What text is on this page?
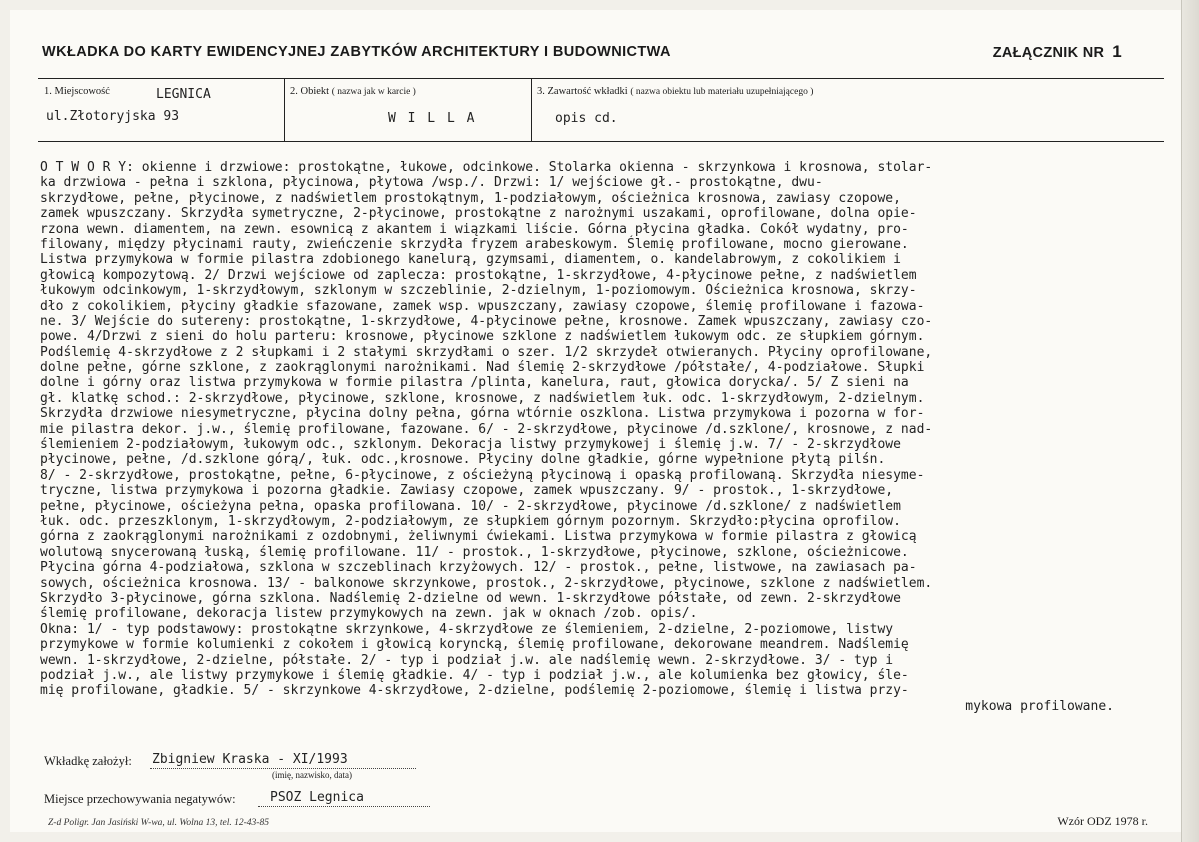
WKŁADKA DO KARTY EWIDENCYJNEJ ZABYTKÓW ARCHITEKTURY I BUDOWNICTWA	ZAŁĄCZNIK NR 1
1. Miejscowość	LEGNICA
ul.Złotoryjska 93
2. Obiekt ( nazwa jak w karcie )
W I L L A
3. Zawartość wkładki ( nazwa obiektu lub materiału uzupełniającego )
opis cd.
O T W O R Y: okienne i drzwiowe: prostokątne, łukowe, odcinkowe. Stolarka okienna - skrzynkowa i krosnowa, stolar-
ka drzwiowa - pełna i szklona, płycinowa, płytowa /wsp./. Drzwi: 1/ wejściowe gł.- prostokątne, dwu-
skrzydłowe, pełne, płycinowe, z nadświetlem prostokątnym, 1-podziałowym, ościeżnica krosnowa, zawiasy czopowe,
zamek wpuszczany. Skrzydła symetryczne, 2-płycinowe, prostokątne z narożnymi uszakami, oprofilowane, dolna opie-
rzona wewn. diamentem, na zewn. esownicą z akantem i wiązkami liście. Górna płycina gładka. Cokół wydatny, pro-
filowany, między płycinami rauty, zwieńczenie skrzydła fryzem arabeskowym. Ślemię profilowane, mocno gierowane.
Listwa przymykowa w formie pilastra zdobionego kanelurą, gzymsami, diamentem, o. kandelabrowym, z cokolikiem i
głowicą kompozytową. 2/ Drzwi wejściowe od zaplecza: prostokątne, 1-skrzydłowe, 4-płycinowe pełne, z nadświetlem
łukowym odcinkowym, 1-skrzydłowym, szklonym w szczeblinie, 2-dzielnym, 1-poziomowym. Ościeżnica krosnowa, skrzy-
dło z cokolikiem, płyciny gładkie sfazowane, zamek wsp. wpuszczany, zawiasy czopowe, ślemię profilowane i fazowa-
ne. 3/ Wejście do sutereny: prostokątne, 1-skrzydłowe, 4-płycinowe pełne, krosnowe. Zamek wpuszczany, zawiasy czo-
powe. 4/Drzwi z sieni do holu parteru: krosnowe, płycinowe szklone z nadświetlem łukowym odc. ze słupkiem górnym.
Podślemię 4-skrzydłowe z 2 słupkami i 2 stałymi skrzydłami o szer. 1/2 skrzydeł otwieranych. Płyciny oprofilowane,
dolne pełne, górne szklone, z zaokrąglonymi narożnikami. Nad ślemię 2-skrzydłowe /półstałe/, 4-podziałowe. Słupki
dolne i górny oraz listwa przymykowa w formie pilastra /plinta, kanelura, raut, głowica dorycka/. 5/ Z sieni na
gł. klatkę schod.: 2-skrzydłowe, płycinowe, szklone, krosnowe, z nadświetlem łuk. odc. 1-skrzydłowym, 2-dzielnym.
Skrzydła drzwiowe niesymetryczne, płycina dolny pełna, górna wtórnie oszklona. Listwa przymykowa i pozorna w for-
mie pilastra dekor. j.w., ślemię profilowane, fazowane. 6/ - 2-skrzydłowe, płycinowe /d.szklone/, krosnowe, z nad-
ślemieniem 2-podziałowym, łukowym odc., szklonym. Dekoracja listwy przymykowej i ślemię j.w. 7/ - 2-skrzydłowe
płycinowe, pełne, /d.szklone górą/, łuk. odc.,krosnowe. Płyciny dolne gładkie, górne wypełnione płytą pilśn.
8/ - 2-skrzydłowe, prostokątne, pełne, 6-płycinowe, z ościeżyną płycinową i opaską profilowaną. Skrzydła niesyme-
tryczne, listwa przymykowa i pozorna gładkie. Zawiasy czopowe, zamek wpuszczany. 9/ - prostok., 1-skrzydłowe,
pełne, płycinowe, ościeżyna pełna, opaska profilowana. 10/ - 2-skrzydłowe, płycinowe /d.szklone/ z nadświetlem
łuk. odc. przeszklonym, 1-skrzydłowym, 2-podziałowym, ze słupkiem górnym pozornym. Skrzydło:płycina oprofilow.
górna z zaokrąglonymi narożnikami z ozdobnymi, żeliwnymi ćwiekami. Listwa przymykowa w formie pilastra z głowicą
wolutową snycerowaną łuską, ślemię profilowane. 11/ - prostok., 1-skrzydłowe, płycinowe, szklone, ościeżnicowe.
Płycina górna 4-podziałowa, szklona w szczeblinach krzyżowych. 12/ - prostok., pełne, listwowe, na zawiasach pa-
sowych, ościeżnica krosnowa. 13/ - balkonowe skrzynkowe, prostok., 2-skrzydłowe, płycinowe, szklone z nadświetlem.
Skrzydło 3-płycinowe, górna szklona. Nadślemię 2-dzielne od wewn. 1-skrzydłowe półstałe, od zewn. 2-skrzydłowe
ślemię profilowane, dekoracja listew przymykowych na zewn. jak w oknach /zob. opis/.
Okna: 1/ - typ podstawowy: prostokątne skrzynkowe, 4-skrzydłowe ze ślemieniem, 2-dzielne, 2-poziomowe, listwy
przymykowe w formie kolumienki z cokołem i głowicą koryncką, ślemię profilowane, dekorowane meandrem. Nadślemię
wewn. 1-skrzydłowe, 2-dzielne, półstałe. 2/ - typ i podział j.w. ale nadślemię wewn. 2-skrzydłowe. 3/ - typ i
podział j.w., ale listwy przymykowe i ślemię gładkie. 4/ - typ i podział j.w., ale kolumienka bez głowicy, śle-
mię profilowane, gładkie. 5/ - skrzynkowe 4-skrzydłowe, 2-dzielne, podślemię 2-poziomowe, ślemię i listwa przy-
mykowa profilowane.
Wkładkę założył: Zbigniew Kraska - XI/1993
(imię, nazwisko, data)
Miejsce przechowywania negatywów:	PSOZ Legnica
Z-d Poligr. Jan Jasiński W-wa, ul. Wolna 13, tel. 12-43-85	Wzór ODZ 1978 r.
